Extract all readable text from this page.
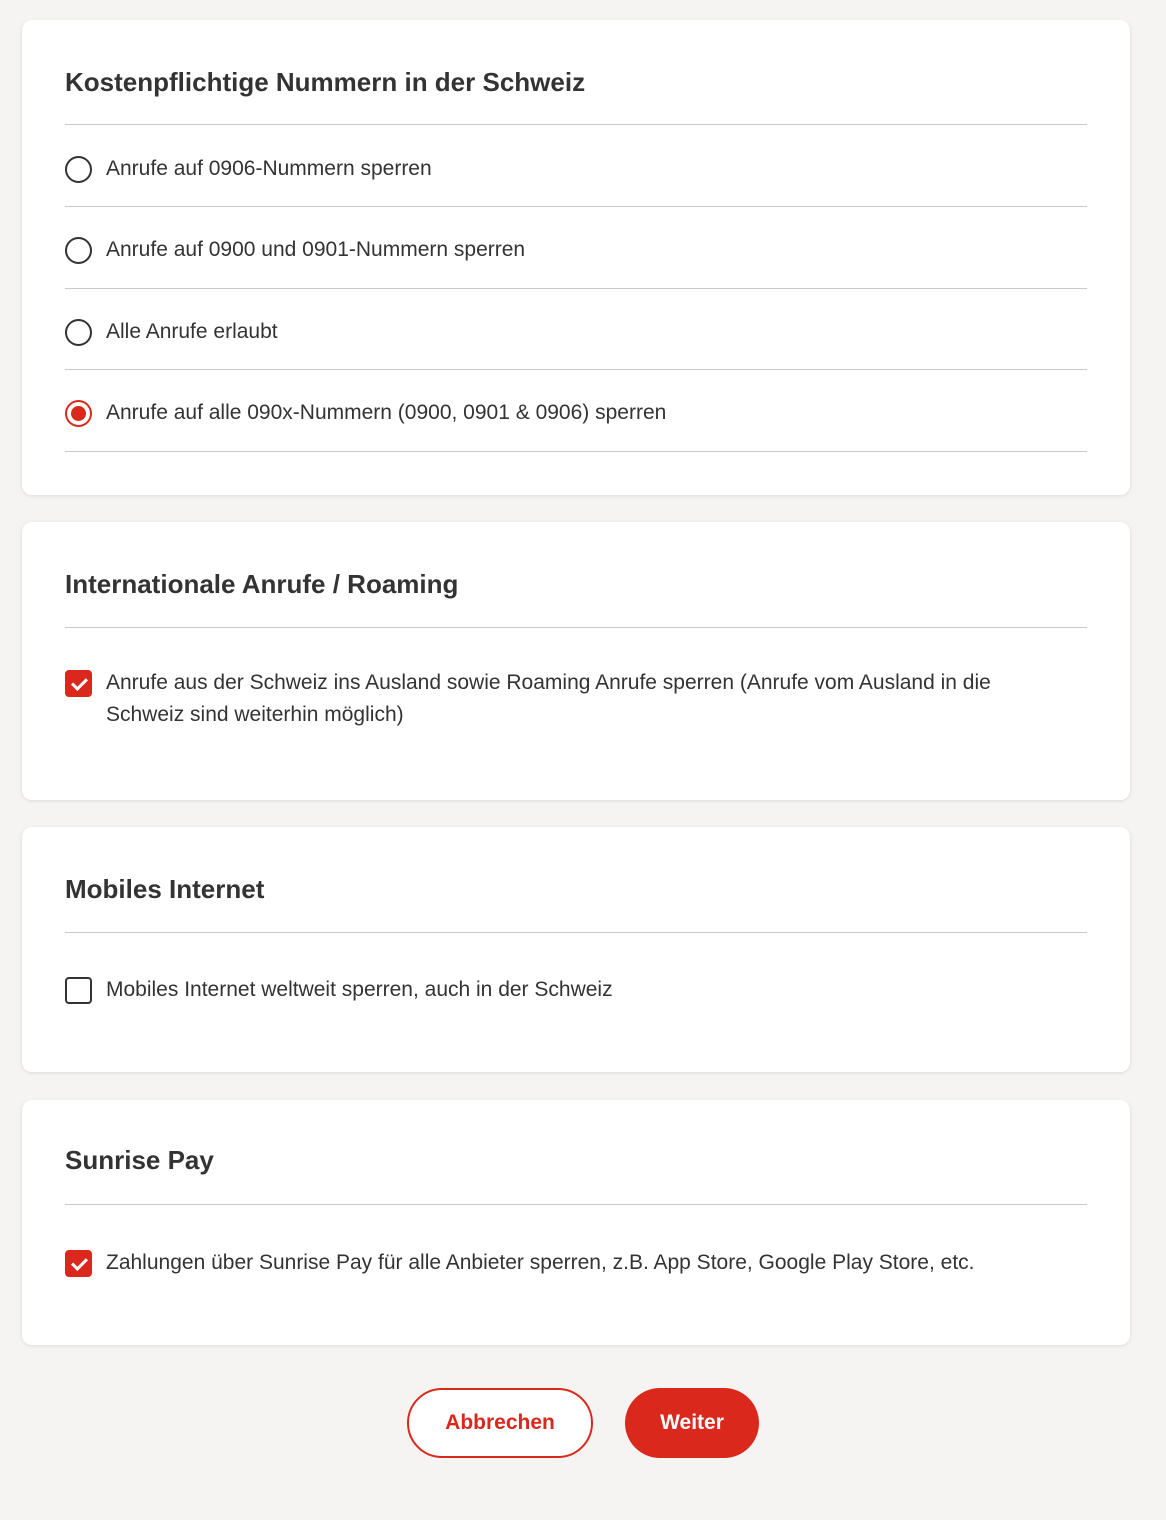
Kostenpflichtige Nummern in der Schweiz
Anrufe auf 0906-Nummern sperren
Anrufe auf 0900 und 0901-Nummern sperren
Alle Anrufe erlaubt
Anrufe auf alle 090x-Nummern (0900, 0901 & 0906) sperren
Internationale Anrufe / Roaming
Anrufe aus der Schweiz ins Ausland sowie Roaming Anrufe sperren (Anrufe vom Ausland in die Schweiz sind weiterhin möglich)
Mobiles Internet
Mobiles Internet weltweit sperren, auch in der Schweiz
Sunrise Pay
Zahlungen über Sunrise Pay für alle Anbieter sperren, z.B. App Store, Google Play Store, etc.
Abbrechen	Weiter
